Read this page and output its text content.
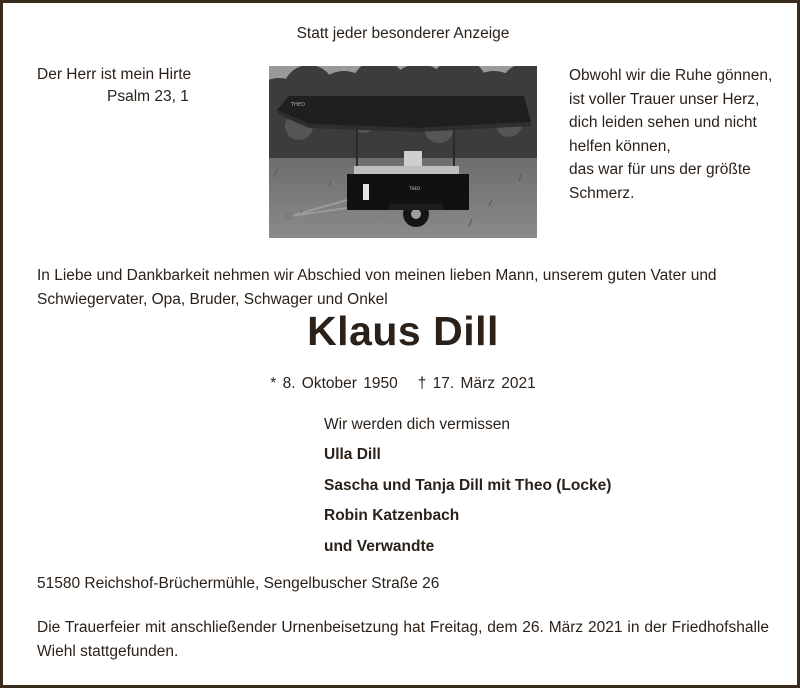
Statt jeder besonderer Anzeige
Der Herr ist mein Hirte
Psalm 23, 1	THEO
THEO
Obwohl wir die Ruhe gönnen,
ist voller Trauer unser Herz,
dich leiden sehen und nicht
helfen können,
das war für uns der größte
Schmerz.
In Liebe und Dankbarkeit nehmen wir Abschied von meinen lieben Mann, unserem guten Vater und Schwiegervater, Opa, Bruder, Schwager und Onkel
Klaus Dill
* 8. Oktober 1950 † 17. März 2021
Wir werden dich vermissen
Ulla Dill
Sascha und Tanja Dill mit Theo (Locke)
Robin Katzenbach
und Verwandte
51580 Reichshof-Brüchermühle, Sengelbuscher Straße 26
Die Trauerfeier mit anschließender Urnenbeisetzung hat Freitag, dem 26. März 2021 in der Friedhofshalle Wiehl stattgefunden.
